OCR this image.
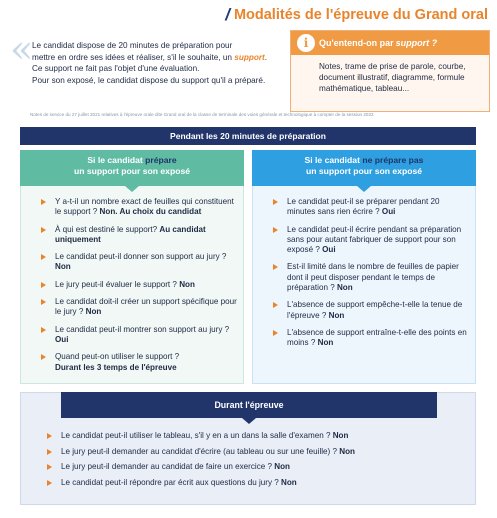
/ Modalités de l'épreuve du Grand oral
«

Le candidat dispose de 20 minutes de préparation pour
mettre en ordre ses idées et réaliser, s'il le souhaite, un support.
Ce support ne fait pas l'objet d'une évaluation.
Pour son exposé, le candidat dispose du support qu'il a préparé.

i	Qu'entend-on par support ?
Notes, trame de prise de parole, courbe, document illustratif, diagramme, formule mathématique, tableau...
Notes de service du 27 juillet 2021 relatives à l'épreuve orale dite Grand oral de la classe de terminale des voies générale et technologique à compter de la session 2022
Pendant les 20 minutes de préparation
Si le candidat prépare
un support pour son exposé
Y a-t-il un nombre exact de feuilles qui constituent le support ? Non. Au choix du candidat
À qui est destiné le support? Au candidat uniquement
Le candidat peut-il donner son support au jury ? Non
Le jury peut-il évaluer le support ? Non
Le candidat doit-il créer un support spécifique pour le jury ? Non
Le candidat peut-il montrer son support au jury ? Oui
Quand peut-on utiliser le support ?
Durant les 3 temps de l'épreuve
Si le candidat ne prépare pas
un support pour son exposé
Le candidat peut-il se préparer pendant 20 minutes sans rien écrire ? Oui
Le candidat peut-il écrire pendant sa préparation sans pour autant fabriquer de support pour son exposé ? Oui
Est-il limité dans le nombre de feuilles de papier dont il peut disposer pendant le temps de préparation ? Non
L'absence de support empêche-t-elle la tenue de l'épreuve ? Non
L'absence de support entraîne-t-elle des points en moins ? Non
Durant l'épreuve
Le candidat peut-il utiliser le tableau, s'il y en a un dans la salle d'examen ? Non
Le jury peut-il demander au candidat d'écrire (au tableau ou sur une feuille) ? Non
Le jury peut-il demander au candidat de faire un exercice ? Non
Le candidat peut-il répondre par écrit aux questions du jury ? Non
